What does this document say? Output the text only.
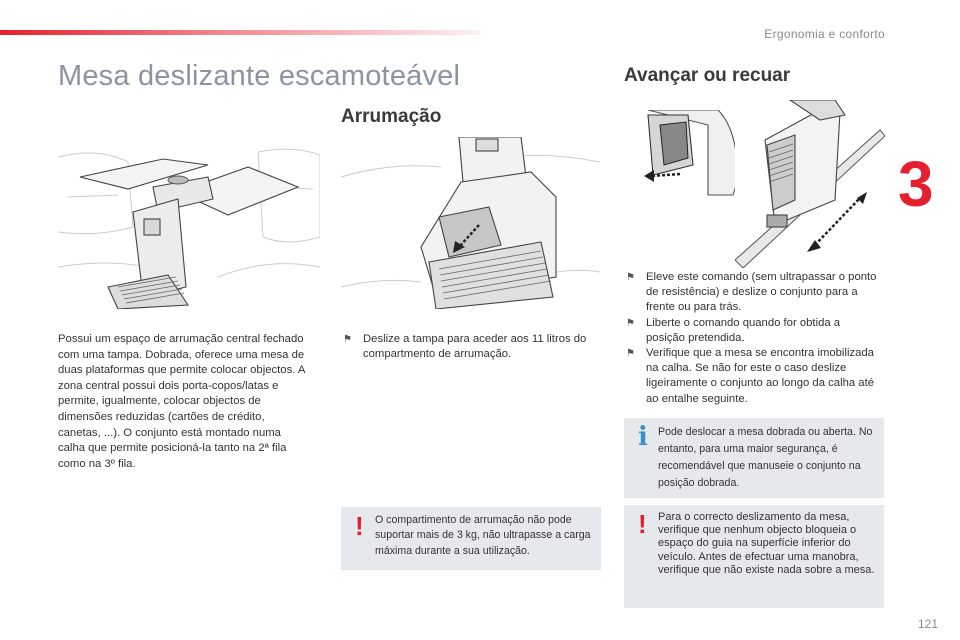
Ergonomia e conforto
3
Mesa deslizante escamoteável
Arrumação
Avançar ou recuar

Possui um espaço de arrumação central fechado com uma tampa. Dobrada, oferece uma mesa de duas plataformas que permite colocar objectos. A zona central possui dois porta-copos/latas e permite, igualmente, colocar objectos de dimensões reduzidas (cartões de crédito, canetas, ...). O conjunto está montado numa calha que permite posicioná-la tanto na 2ª fila como na 3º fila.

⚑ Deslize a tampa para aceder aos 11 litros do compartmento de arrumação.
⚑ Eleve este comando (sem ultrapassar o ponto de resistência) e deslize o conjunto para a frente ou para trás.
⚑ Liberte o comando quando for obtida a posição pretendida.
⚑ Verifique que a mesa se encontra imobilizada na calha. Se não for este o caso deslize ligeiramente o conjunto ao longo da calha até ao entalhe seguinte.
! O compartimento de arrumação não pode suportar mais de 3 kg, não ultrapasse a carga máxima durante a sua utilização.

i Pode deslocar a mesa dobrada ou aberta. No entanto, para uma maior segurança, é recomendável que manuseie o conjunto na posição dobrada.

! Para o correcto deslizamento da mesa, verifique que nenhum objecto bloqueia o espaço do guia na superfície inferior do veículo. Antes de efectuar uma manobra, verifique que não existe nada sobre a mesa.

121
